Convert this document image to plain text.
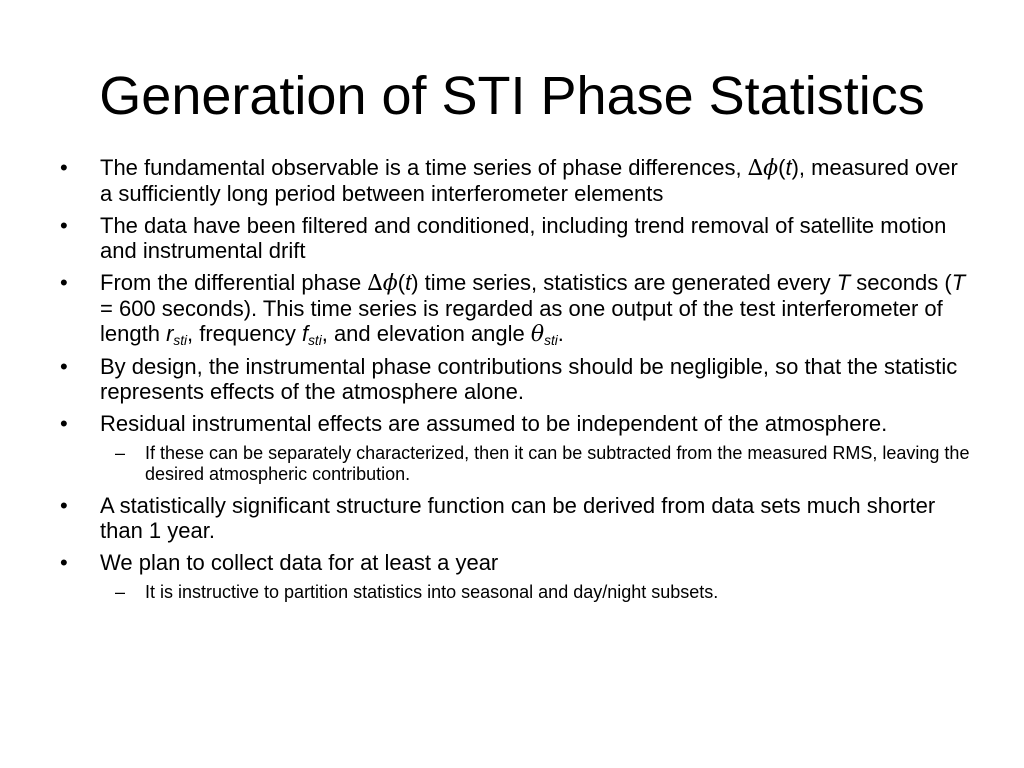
Generation of STI Phase Statistics
• The fundamental observable is a time series of phase differences, ∆ϕ(t), measured over a sufficiently long period between interferometer elements
• The data have been filtered and conditioned, including trend removal of satellite motion and instrumental drift
• From the differential phase ∆ϕ(t) time series, statistics are generated every T seconds (T = 600 seconds). This time series is regarded as one output of the test interferometer of length $r_{sti}$, frequency $f_{sti}$, and elevation angle $\theta_{sti}$.
• By design, the instrumental phase contributions should be negligible, so that the statistic represents effects of the atmosphere alone.
• Residual instrumental effects are assumed to be independent of the atmosphere.
– If these can be separately characterized, then it can be subtracted from the measured RMS, leaving the desired atmospheric contribution.
• A statistically significant structure function can be derived from data sets much shorter than 1 year.
• We plan to collect data for at least a year
– It is instructive to partition statistics into seasonal and day/night subsets.
